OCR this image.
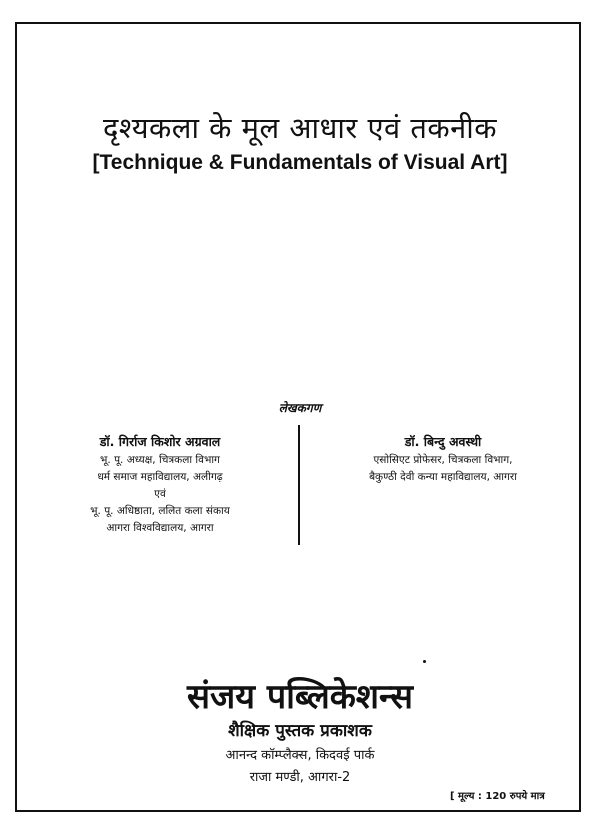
दृश्यकला के मूल आधार एवं तकनीक
[Technique & Fundamentals of Visual Art]
लेखकगण
डॉ. गिर्राज किशोर अग्रवाल
भू. पू. अध्यक्ष, चित्रकला विभाग
धर्म समाज महाविद्यालय, अलीगढ़
एवं
भू. पू. अधिष्ठाता, ललित कला संकाय
आगरा विश्वविद्यालय, आगरा
डॉ. बिन्दु अवस्थी
एसोसिएट प्रोफेसर, चित्रकला विभाग,
बैकुण्ठी देवी कन्या महाविद्यालय, आगरा
संजय पब्लिकेशन्स
शैक्षिक पुस्तक प्रकाशक
आनन्द कॉम्प्लैक्स, किदवई पार्क
राजा मण्डी, आगरा-2
[ मूल्य : 120 रुपये मात्र
